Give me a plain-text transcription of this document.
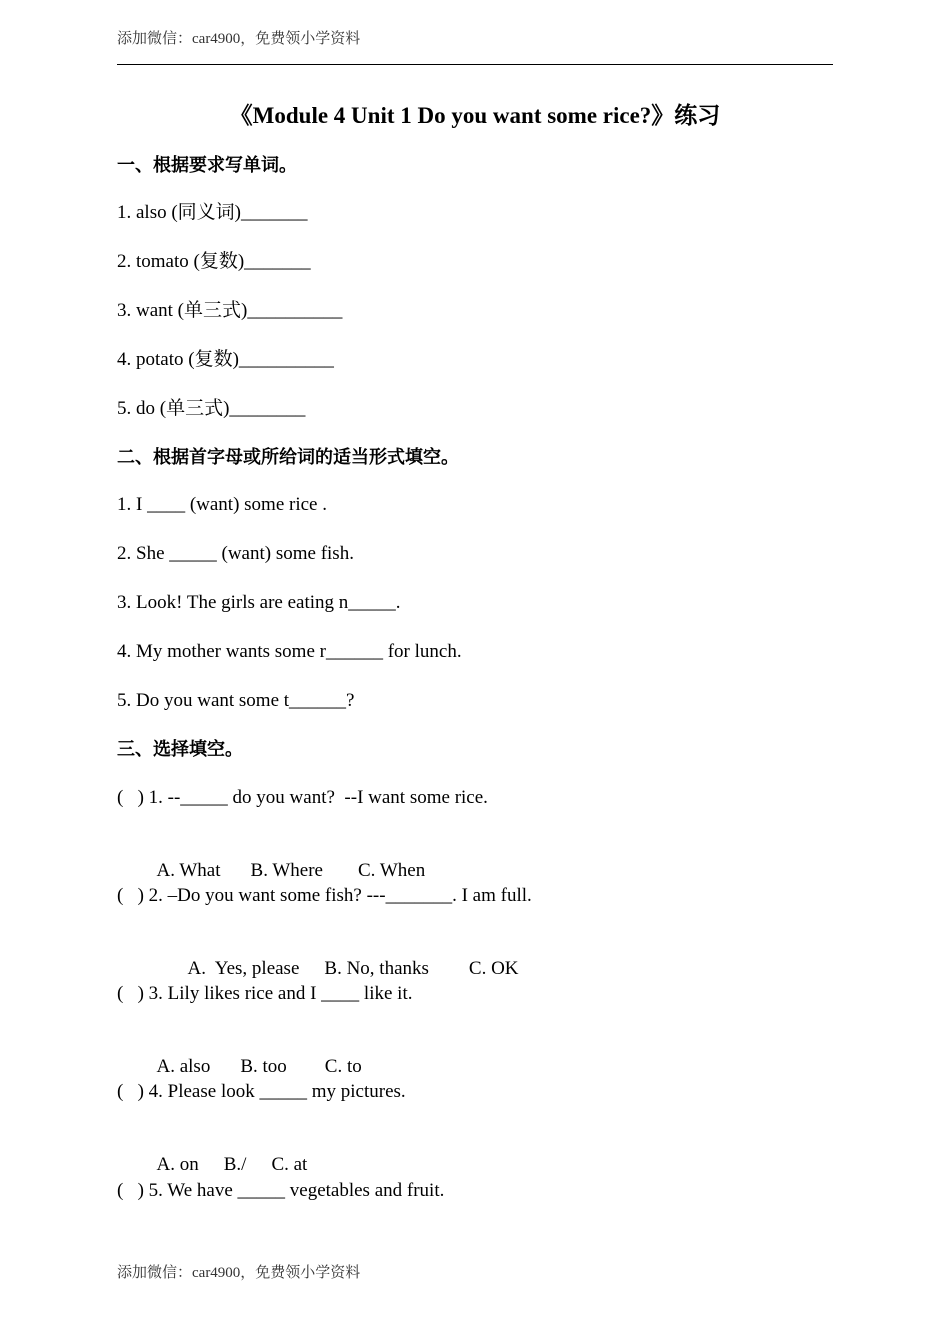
添加微信：car4900，免费领小学资料
《Module 4 Unit 1 Do you want some rice?》练习
一、根据要求写单词。
1. also (同义词)_______
2. tomato (复数)_______
3. want (单三式)__________
4. potato (复数)__________
5. do (单三式)________
二、根据首字母或所给词的适当形式填空。
1. I ____ (want) some rice .
2. She _____ (want) some fish.
3. Look! The girls are eating n_____.
4. My mother wants some r______ for lunch.
5. Do you want some t______?
三、选择填空。
(   ) 1. --_____ do you want?  --I want some rice.

A. What B. Where C. When

(   ) 2. –Do you want some fish? ---_______. I am full.

A.  Yes, please B. No, thanks C. OK

(   ) 3. Lily likes rice and I ____ like it.

A. also B. too C. to

(   ) 4. Please look _____ my pictures.

A. on B./ C. at

(   ) 5. We have _____ vegetables and fruit.
添加微信：car4900，免费领小学资料
